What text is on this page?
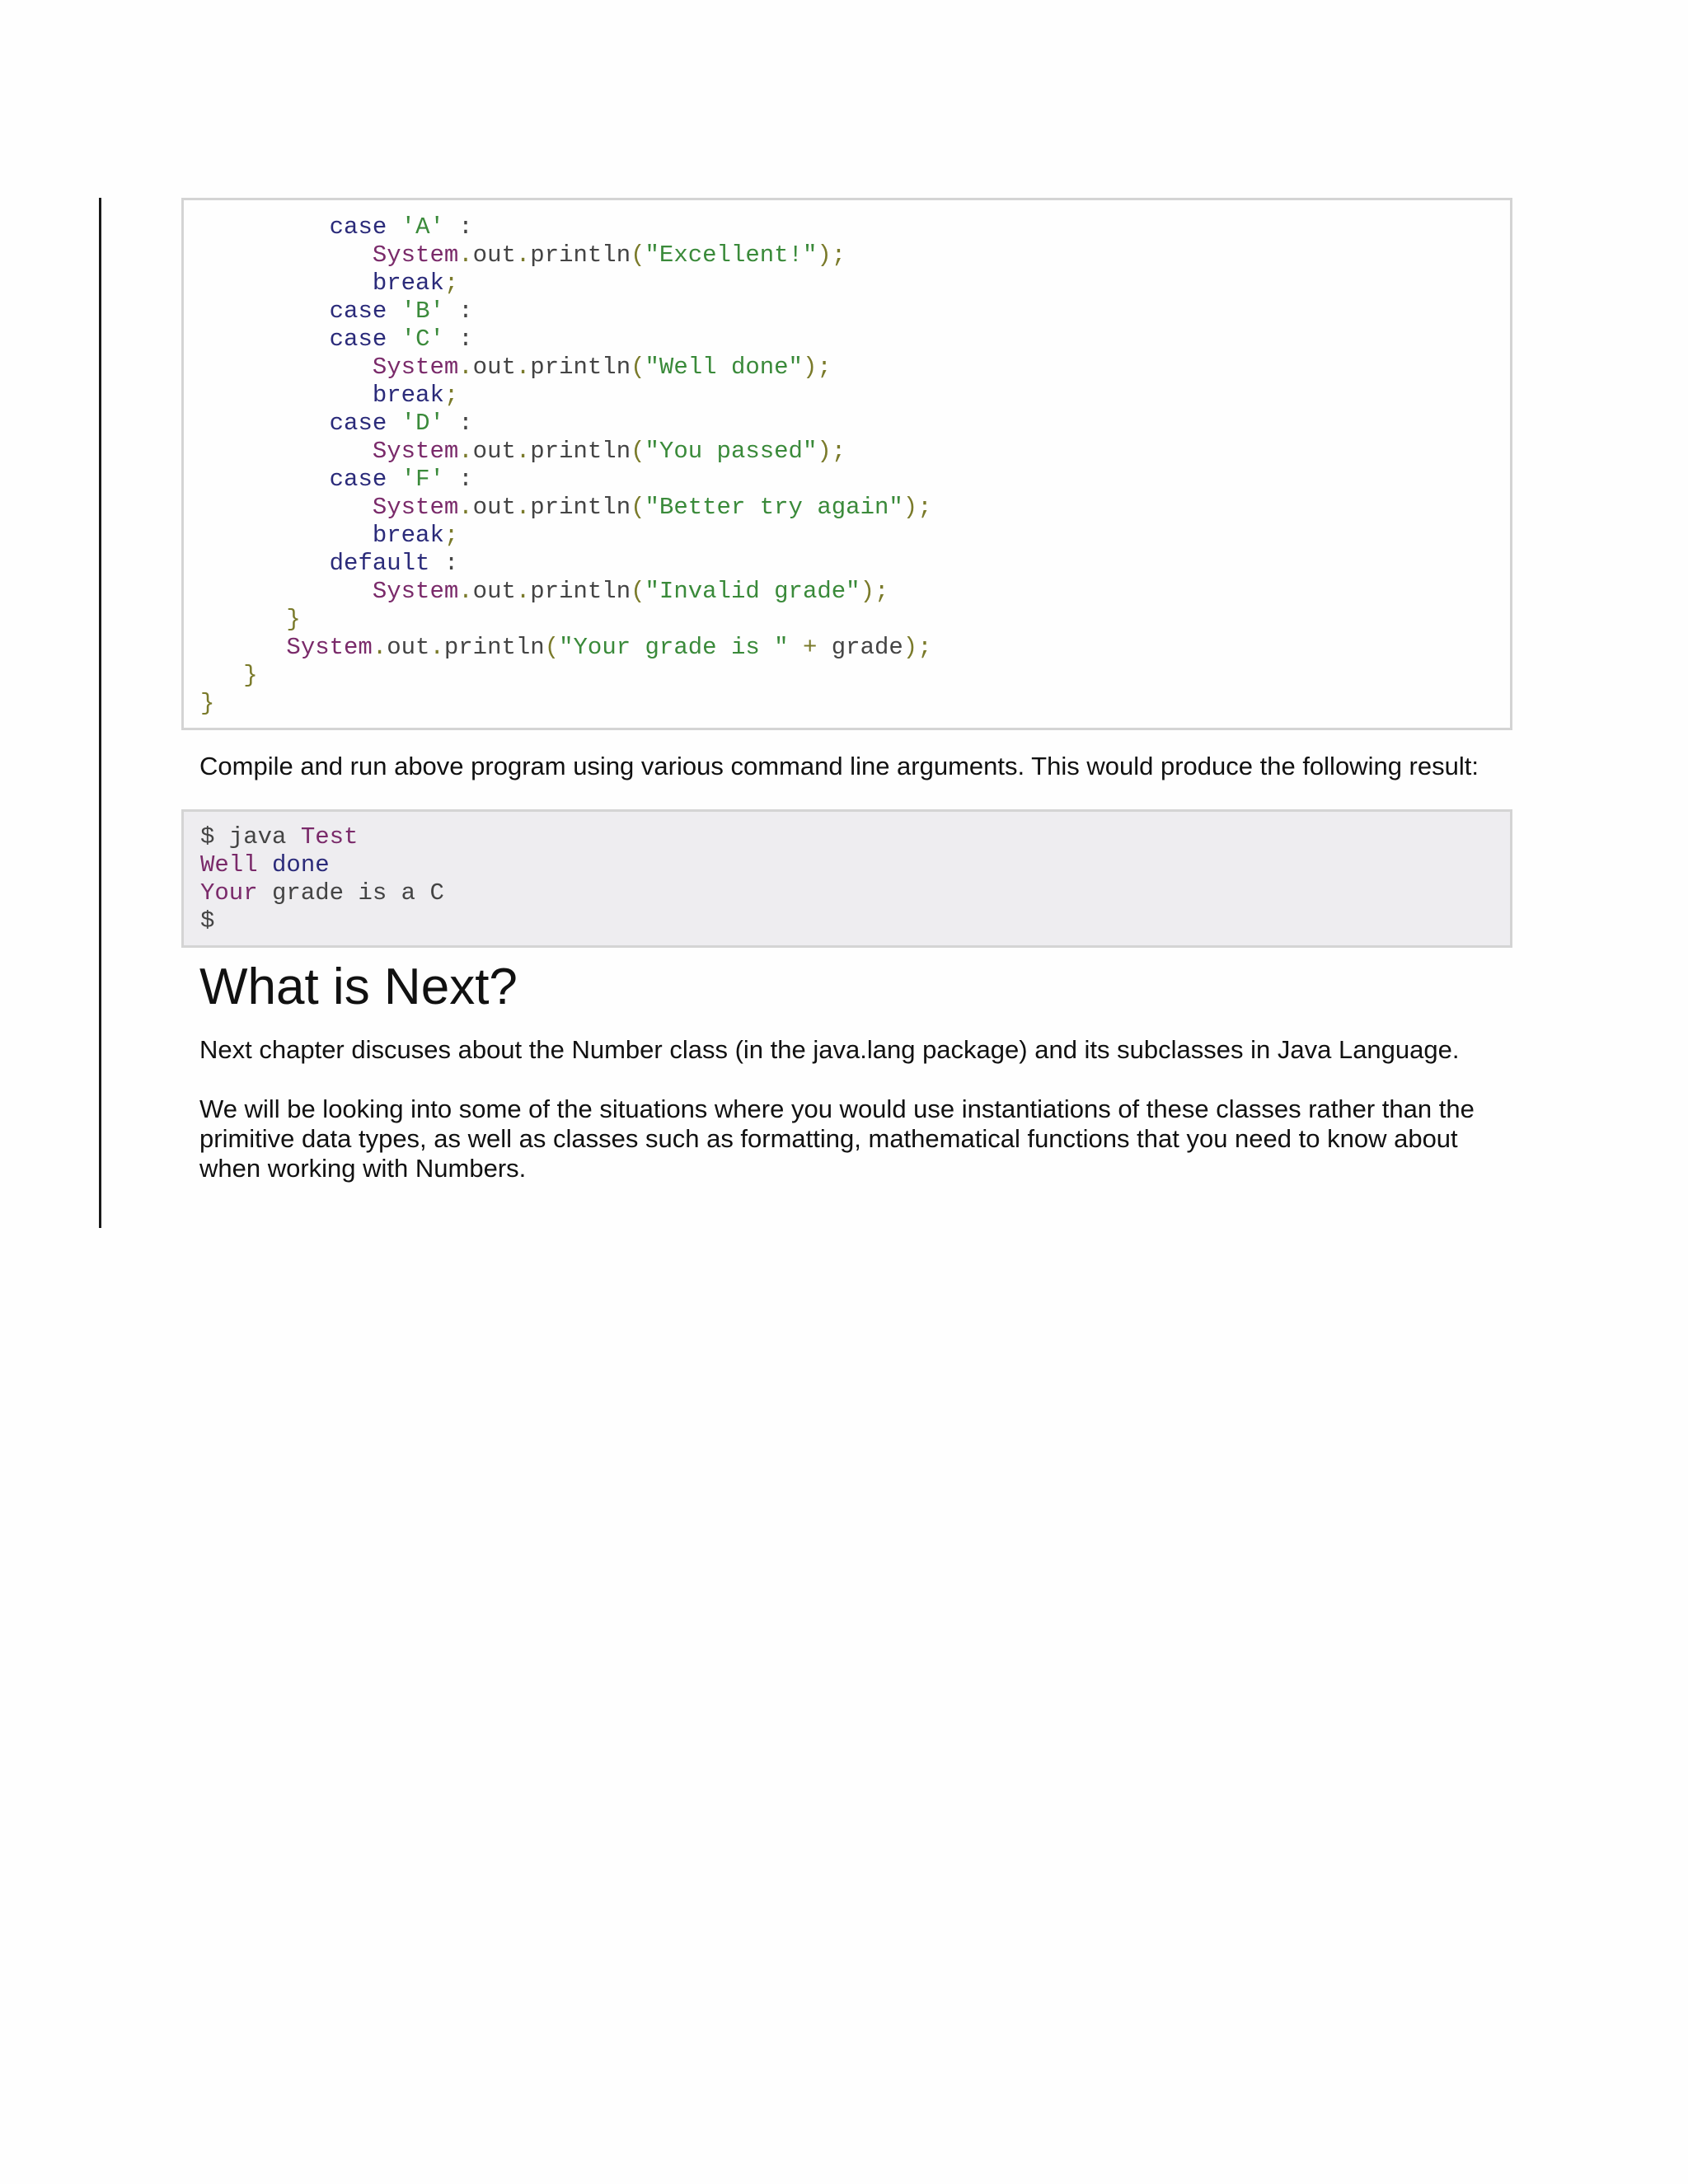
case 'A' :
System.out.println("Excellent!");
break;
case 'B' :
case 'C' :
System.out.println("Well done");
break;
case 'D' :
System.out.println("You passed");
case 'F' :
System.out.println("Better try again");
break;
default :
System.out.println("Invalid grade");
}
System.out.println("Your grade is " + grade);
}
}

Compile and run above program using various command line arguments. This would produce the following result:

$ java Test
Well done
Your grade is a C
$
What is Next?

Next chapter discuses about the Number class (in the java.lang package) and its subclasses in Java Language.

We will be looking into some of the situations where you would use instantiations of these classes rather than the primitive data types, as well as classes such as formatting, mathematical functions that you need to know about when working with Numbers.
